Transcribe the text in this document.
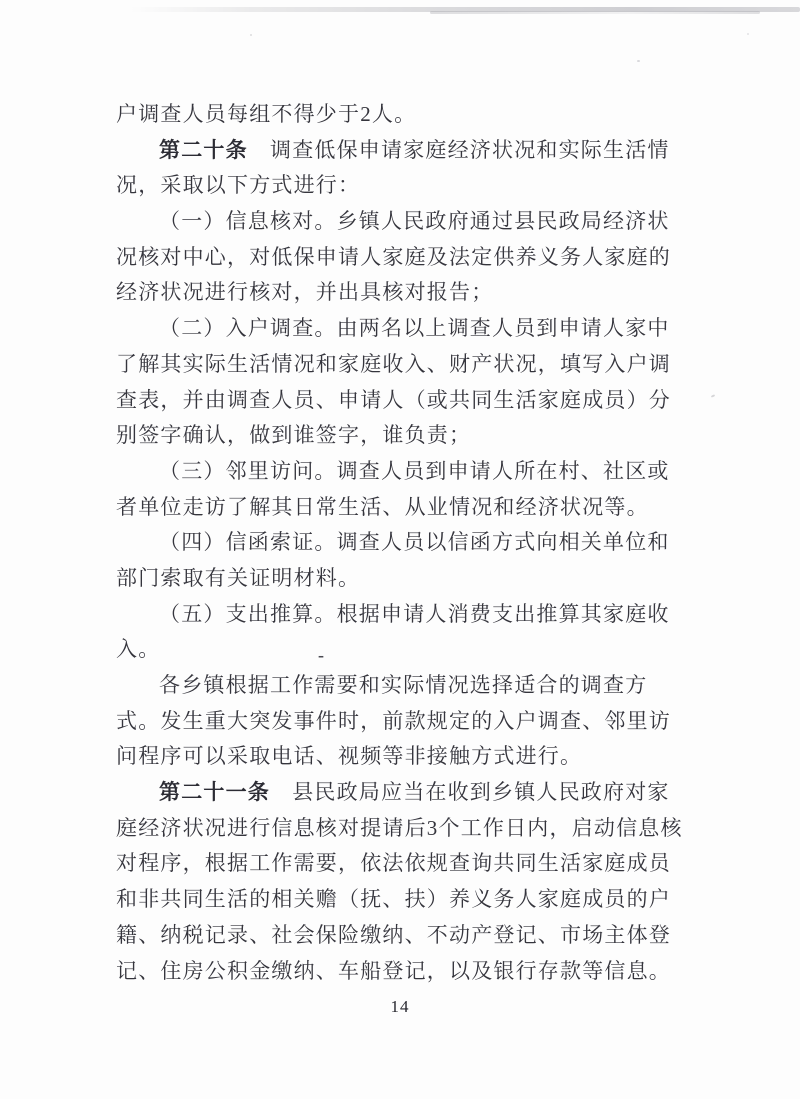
户调查人员每组不得少于2人。
第二十条　调查低保申请家庭经济状况和实际生活情
况，采取以下方式进行：
（一）信息核对。乡镇人民政府通过县民政局经济状
况核对中心，对低保申请人家庭及法定供养义务人家庭的
经济状况进行核对，并出具核对报告；
（二）入户调查。由两名以上调查人员到申请人家中
了解其实际生活情况和家庭收入、财产状况，填写入户调
查表，并由调查人员、申请人（或共同生活家庭成员）分
别签字确认，做到谁签字，谁负责；
（三）邻里访问。调查人员到申请人所在村、社区或
者单位走访了解其日常生活、从业情况和经济状况等。
（四）信函索证。调查人员以信函方式向相关单位和
部门索取有关证明材料。
（五）支出推算。根据申请人消费支出推算其家庭收
入。
各乡镇根据工作需要和实际情况选择适合的调查方
式。发生重大突发事件时，前款规定的入户调查、邻里访
问程序可以采取电话、视频等非接触方式进行。
第二十一条　县民政局应当在收到乡镇人民政府对家
庭经济状况进行信息核对提请后3个工作日内，启动信息核
对程序，根据工作需要，依法依规查询共同生活家庭成员
和非共同生活的相关赡（抚、扶）养义务人家庭成员的户
籍、纳税记录、社会保险缴纳、不动产登记、市场主体登
记、住房公积金缴纳、车船登记，以及银行存款等信息。
-
14
